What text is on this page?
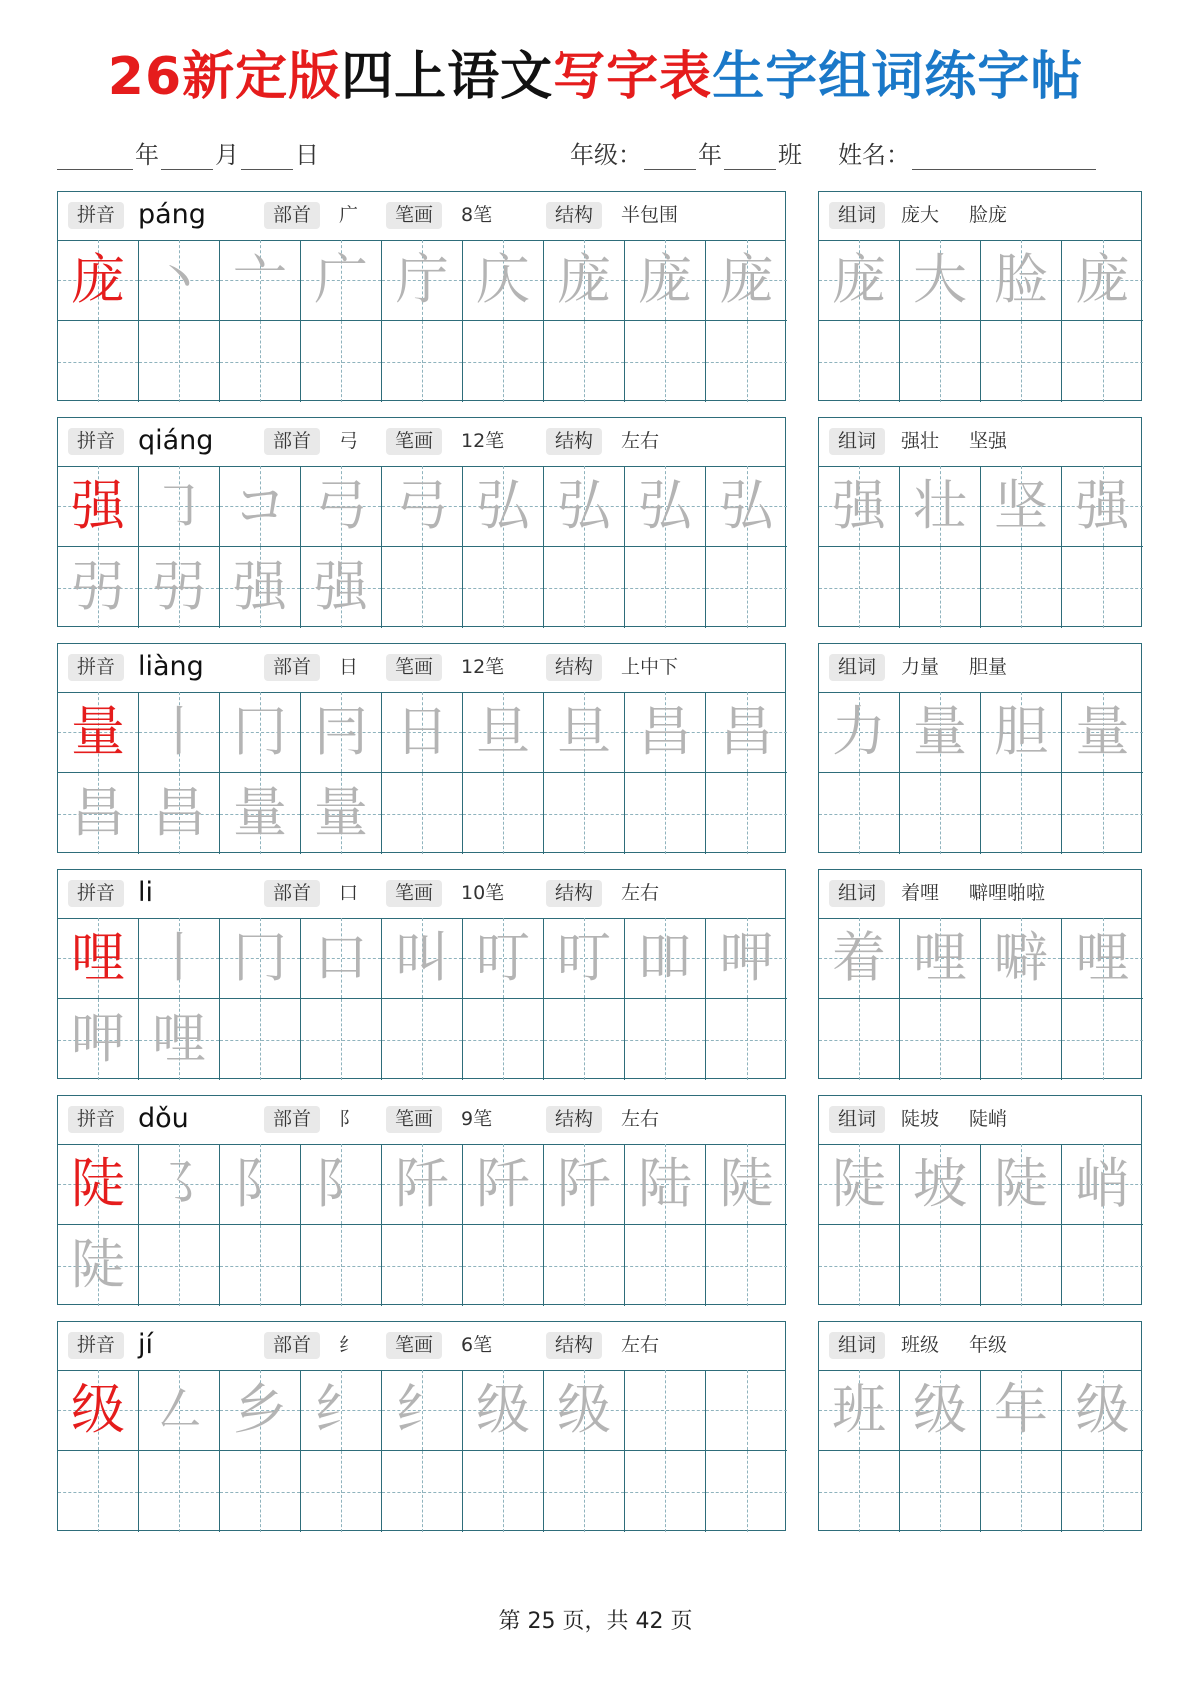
26新定版四上语文写字表生字组词练字帖
年 月 日	年级： 年 班 姓名：
拼音 páng	部首	广	笔画	8笔	结构	半包围
庞 丶 亠 广 庁 庂 庞 庞 庞
组词	庞大 脸庞
庞 大 脸 庞
拼音 qiáng	部首	弓	笔画	12笔	结构	左右
强 ㇆ コ 弓 弓 弘 弘 弘 弘
弜 弜 强 强
组词	强壮 坚强
强 壮 坚 强
拼音 liàng	部首	日	笔画	12笔	结构	上中下
量 丨 冂 冃 日 旦 旦 昌 昌
昌 昌 量 量
组词	力量 胆量
力 量 胆 量
拼音 li	部首	口	笔画	10笔	结构	左右
哩 丨 冂 口 叫 叮 叮 吅 呷
呷 哩
组词	着哩 噼哩啪啦
着 哩 噼 哩
拼音 dǒu	部首	阝	笔画	9笔	结构	左右
陡 ㇌ 阝 阝 阡 阡 阡 陆 陡
陡
组词	陡坡 陡峭
陡 坡 陡 峭
拼音 jí	部首	纟	笔画	6笔	结构	左右
级 ㇜ 乡 纟 纟 级 级
组词	班级 年级
班 级 年 级
第 25 页，共 42 页
